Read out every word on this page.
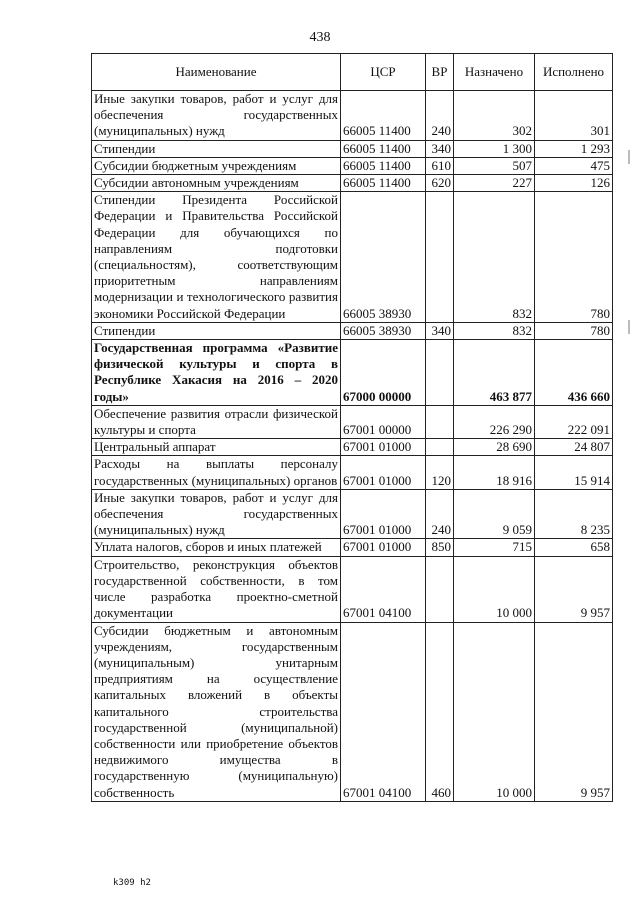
438
Наименование	ЦСР	ВР	Назначено	Исполнено
Иные закупки товаров, работ и услуг для обеспечения государственных (муниципальных) нужд	66005 11400	240	302	301
Стипендии	66005 11400	340	1 300	1 293
Субсидии бюджетным учреждениям	66005 11400	610	507	475
Субсидии автономным учреждениям	66005 11400	620	227	126
Стипендии Президента Российской Федерации и Правительства Российской Федерации для обучающихся по направлениям подготовки (специальностям), соответствующим приоритетным направлениям модернизации и технологического развития экономики Российской Федерации	66005 38930		832	780
Стипендии	66005 38930	340	832	780
Государственная программа «Развитие физической культуры и спорта в Республике Хакасия на 2016 – 2020 годы»	67000 00000		463 877	436 660
Обеспечение развития отрасли физической культуры и спорта	67001 00000		226 290	222 091
Центральный аппарат	67001 01000		28 690	24 807
Расходы на выплаты персоналу государственных (муниципальных) органов	67001 01000	120	18 916	15 914
Иные закупки товаров, работ и услуг для обеспечения государственных (муниципальных) нужд	67001 01000	240	9 059	8 235
Уплата налогов, сборов и иных платежей	67001 01000	850	715	658
Строительство, реконструкция объектов государственной собственности, в том числе разработка проектно-сметной документации	67001 04100		10 000	9 957
Субсидии бюджетным и автономным учреждениям, государственным (муниципальным) унитарным предприятиям на осуществление капитальных вложений в объекты капитального строительства государственной (муниципальной) собственности или приобретение объектов недвижимого имущества в государственную (муниципальную) собственность	67001 04100	460	10 000	9 957
k309 h2
